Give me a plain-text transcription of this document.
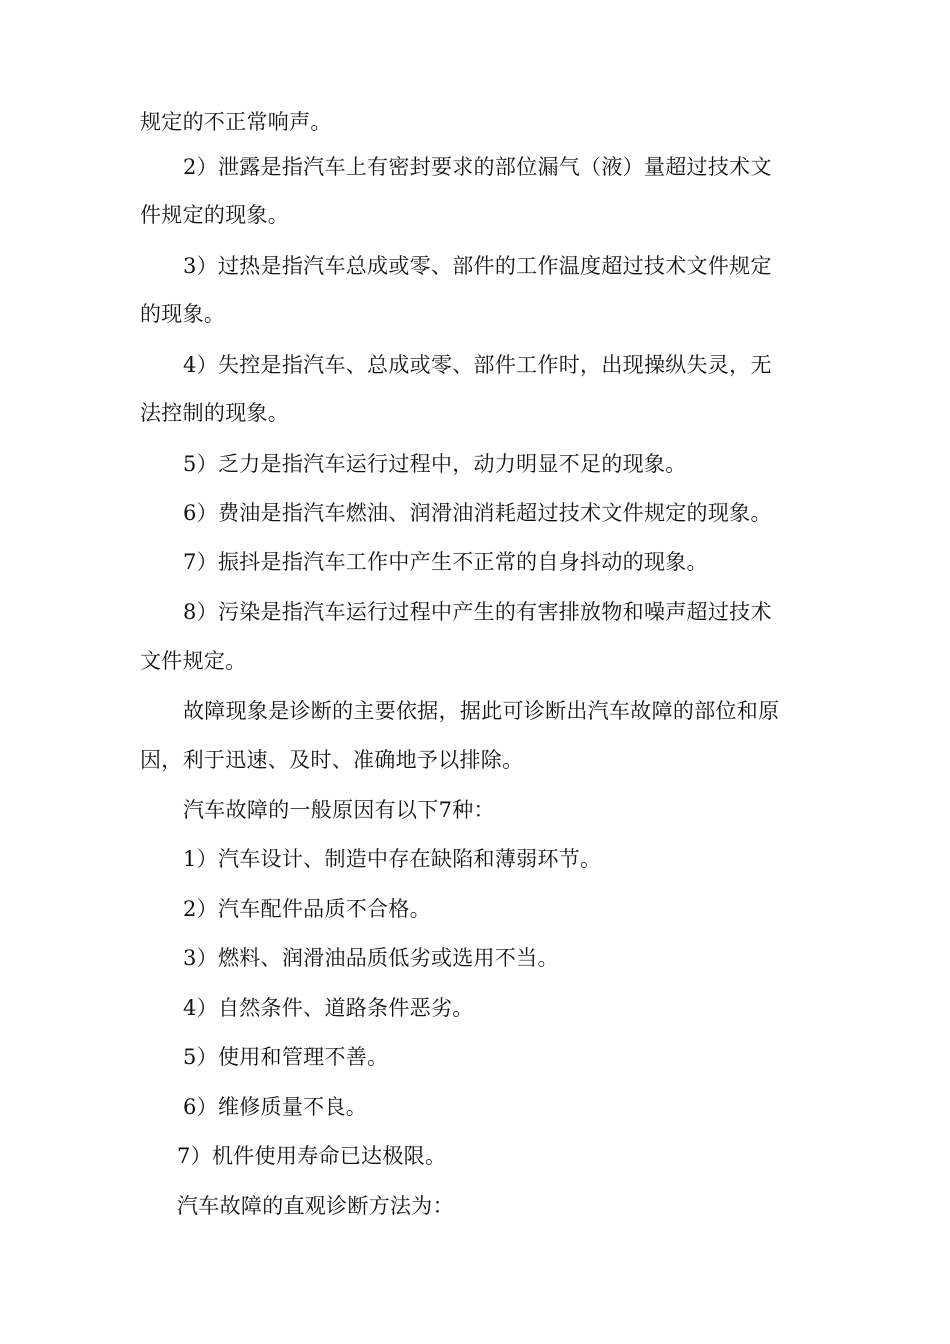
规定的不正常响声。
2）泄露是指汽车上有密封要求的部位漏气（液）量超过技术文
件规定的现象。
3）过热是指汽车总成或零、部件的工作温度超过技术文件规定
的现象。
4）失控是指汽车、总成或零、部件工作时，出现操纵失灵，无
法控制的现象。
5）乏力是指汽车运行过程中，动力明显不足的现象。
6）费油是指汽车燃油、润滑油消耗超过技术文件规定的现象。
7）振抖是指汽车工作中产生不正常的自身抖动的现象。
8）污染是指汽车运行过程中产生的有害排放物和噪声超过技术
文件规定。
故障现象是诊断的主要依据，据此可诊断出汽车故障的部位和原
因，利于迅速、及时、准确地予以排除。
汽车故障的一般原因有以下7种：
1）汽车设计、制造中存在缺陷和薄弱环节。
2）汽车配件品质不合格。
3）燃料、润滑油品质低劣或选用不当。
4）自然条件、道路条件恶劣。
5）使用和管理不善。
6）维修质量不良。
7）机件使用寿命已达极限。
汽车故障的直观诊断方法为：
